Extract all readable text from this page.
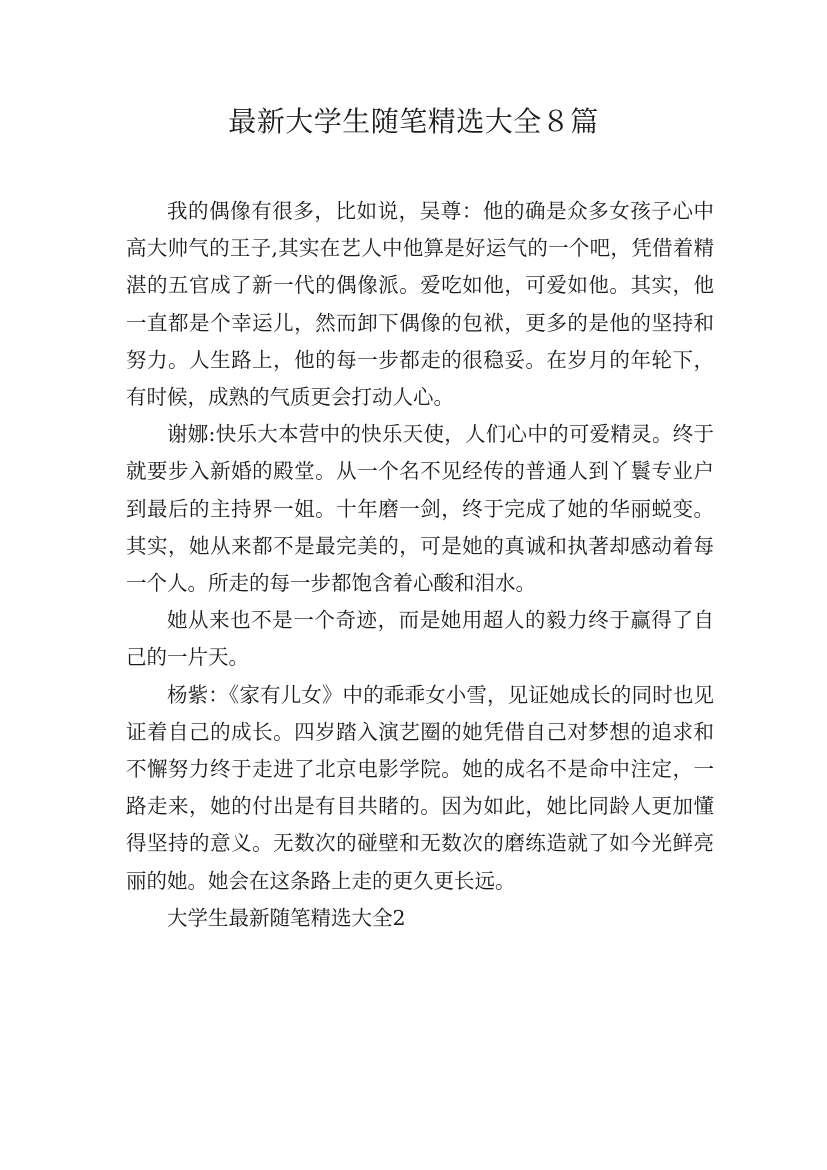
最新大学生随笔精选大全８篇

我的偶像有很多，比如说，吴尊：他的确是众多女孩子心中高大帅气的王子,其实在艺人中他算是好运气的一个吧，凭借着精湛的五官成了新一代的偶像派。爱吃如他，可爱如他。其实，他一直都是个幸运儿，然而卸下偶像的包袱，更多的是他的坚持和努力。人生路上，他的每一步都走的很稳妥。在岁月的年轮下，有时候，成熟的气质更会打动人心。

谢娜:快乐大本营中的快乐天使，人们心中的可爱精灵。终于就要步入新婚的殿堂。从一个名不见经传的普通人到丫鬟专业户到最后的主持界一姐。十年磨一剑，终于完成了她的华丽蜕变。其实，她从来都不是最完美的，可是她的真诚和执著却感动着每一个人。所走的每一步都饱含着心酸和泪水。

她从来也不是一个奇迹，而是她用超人的毅力终于赢得了自己的一片天。

杨紫：《家有儿女》中的乖乖女小雪，见证她成长的同时也见证着自己的成长。四岁踏入演艺圈的她凭借自己对梦想的追求和不懈努力终于走进了北京电影学院。她的成名不是命中注定，一路走来，她的付出是有目共睹的。因为如此，她比同龄人更加懂得坚持的意义。无数次的碰壁和无数次的磨练造就了如今光鲜亮丽的她。她会在这条路上走的更久更长远。

大学生最新随笔精选大全2
